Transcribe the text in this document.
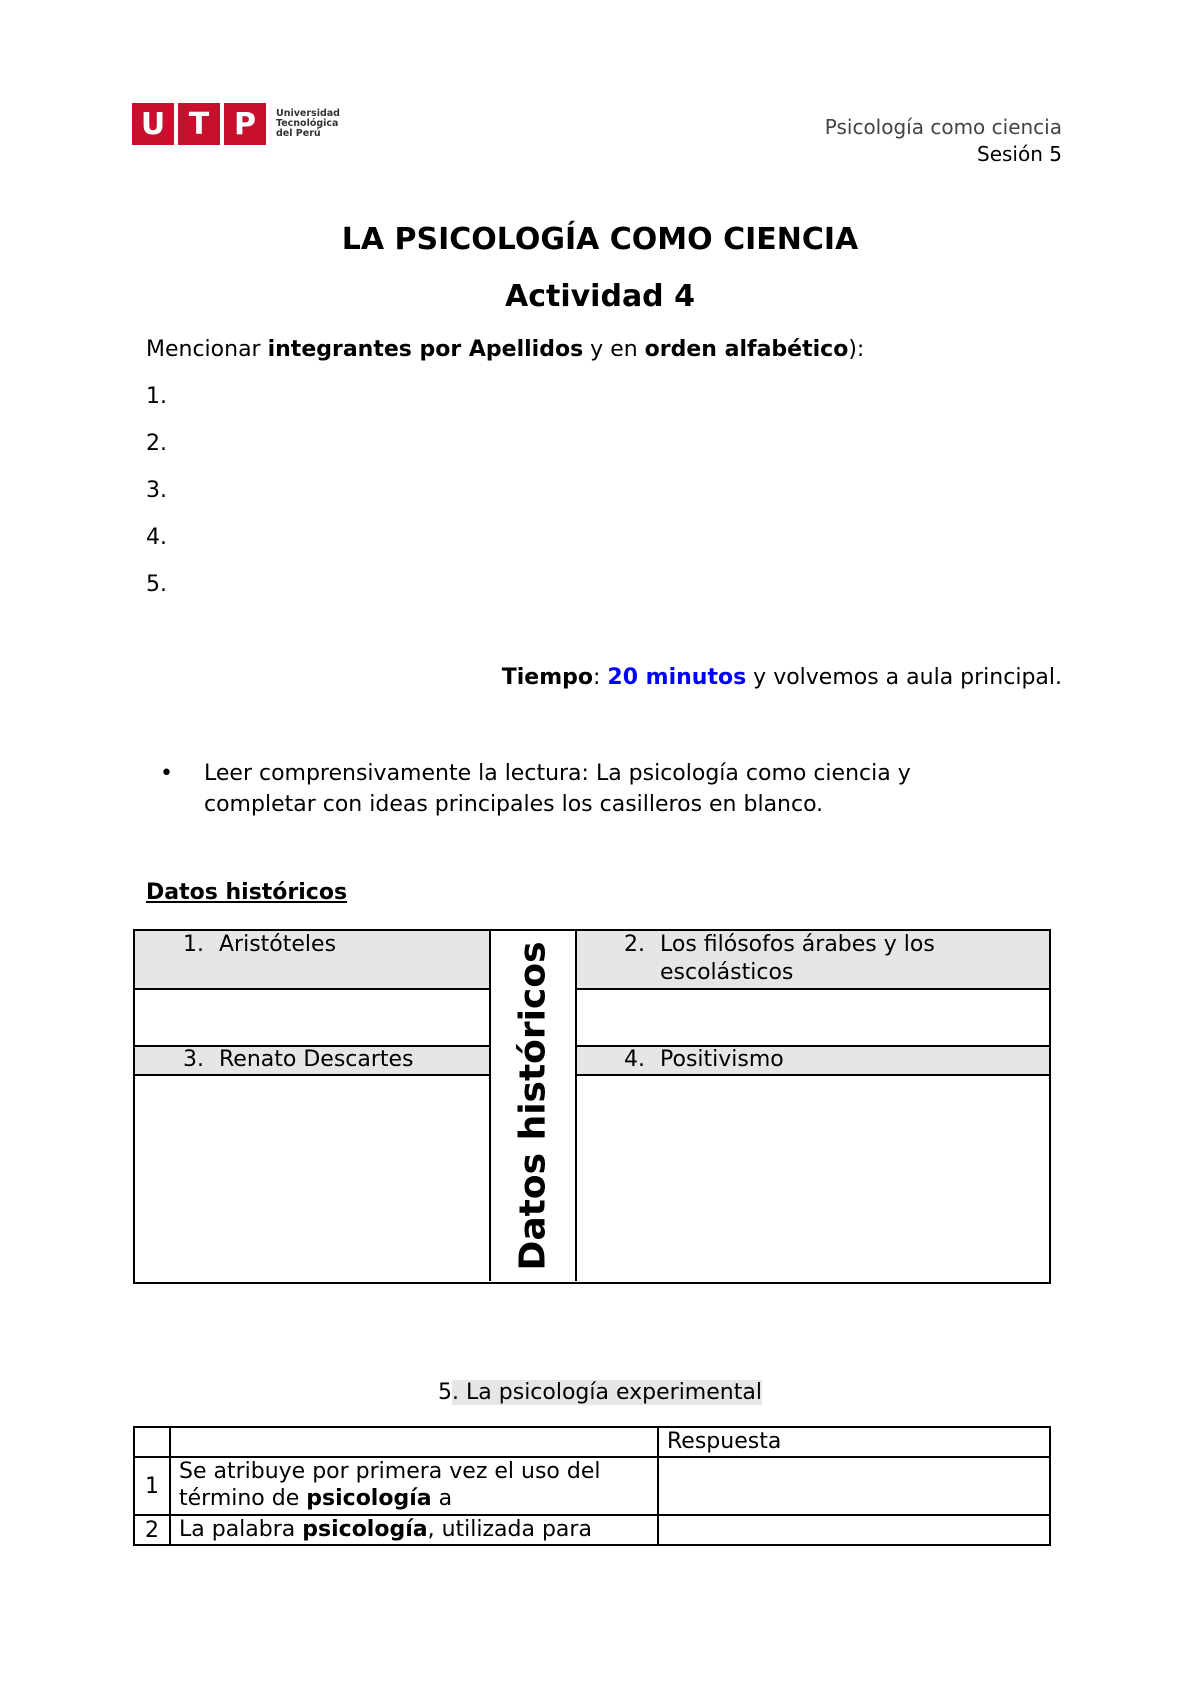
U T P	Universidad
Tecnológica
del Perú	Psicología como ciencia
Sesión 5
LA PSICOLOGÍA COMO CIENCIA
Actividad 4
Mencionar integrantes por Apellidos y en orden alfabético):
1.
2.
3.
4.
5.
Tiempo: 20 minutos y volvemos a aula principal.
• Leer comprensivamente la lectura: La psicología como ciencia y completar con ideas principales los casilleros en blanco.
Datos históricos
1. Aristóteles	2. Los filósofos árabes y los escolásticos
3. Renato Descartes	4. Positivismo
Datos históricos
5. La psicología experimental
		Respuesta
1	Se atribuye por primera vez el uso del término de psicología a	
2	La palabra psicología, utilizada para	
